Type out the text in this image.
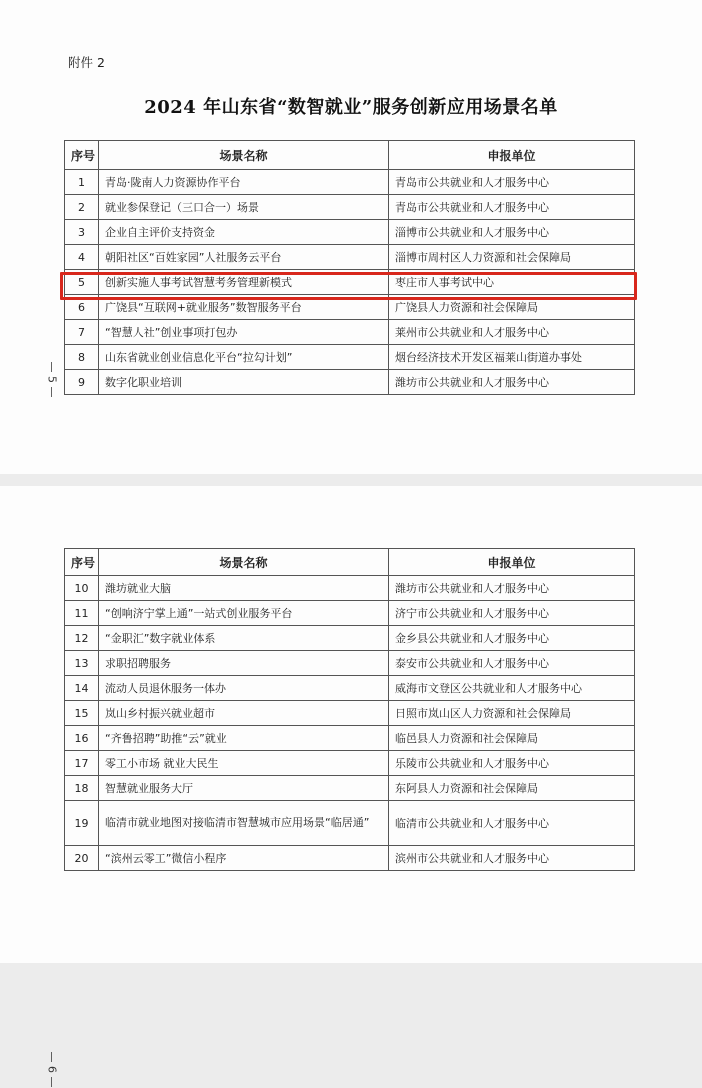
附件 2
2024 年山东省“数智就业”服务创新应用场景名单
序号	场景名称	申报单位
1	青岛·陇南人力资源协作平台	青岛市公共就业和人才服务中心
2	就业参保登记（三口合一）场景	青岛市公共就业和人才服务中心
3	企业自主评价支持资金	淄博市公共就业和人才服务中心
4	朝阳社区“百姓家园”人社服务云平台	淄博市周村区人力资源和社会保障局
5	创新实施人事考试智慧考务管理新模式	枣庄市人事考试中心
6	广饶县“互联网+就业服务”数智服务平台	广饶县人力资源和社会保障局
7	“智慧人社”创业事项打包办	莱州市公共就业和人才服务中心
8	山东省就业创业信息化平台“拉勾计划”	烟台经济技术开发区福莱山街道办事处
9	数字化职业培训	潍坊市公共就业和人才服务中心
— 5 —
— 6 —
序号	场景名称	申报单位
10	潍坊就业大脑	潍坊市公共就业和人才服务中心
11	“创响济宁掌上通”一站式创业服务平台	济宁市公共就业和人才服务中心
12	“金职汇”数字就业体系	金乡县公共就业和人才服务中心
13	求职招聘服务	泰安市公共就业和人才服务中心
14	流动人员退休服务一体办	威海市文登区公共就业和人才服务中心
15	岚山乡村振兴就业超市	日照市岚山区人力资源和社会保障局
16	“齐鲁招聘”助推“云”就业	临邑县人力资源和社会保障局
17	零工小市场 就业大民生	乐陵市公共就业和人才服务中心
18	智慧就业服务大厅	东阿县人力资源和社会保障局
19	临清市就业地图对接临清市智慧城市应用场景“临居通”	临清市公共就业和人才服务中心
20	“滨州云零工”微信小程序	滨州市公共就业和人才服务中心
